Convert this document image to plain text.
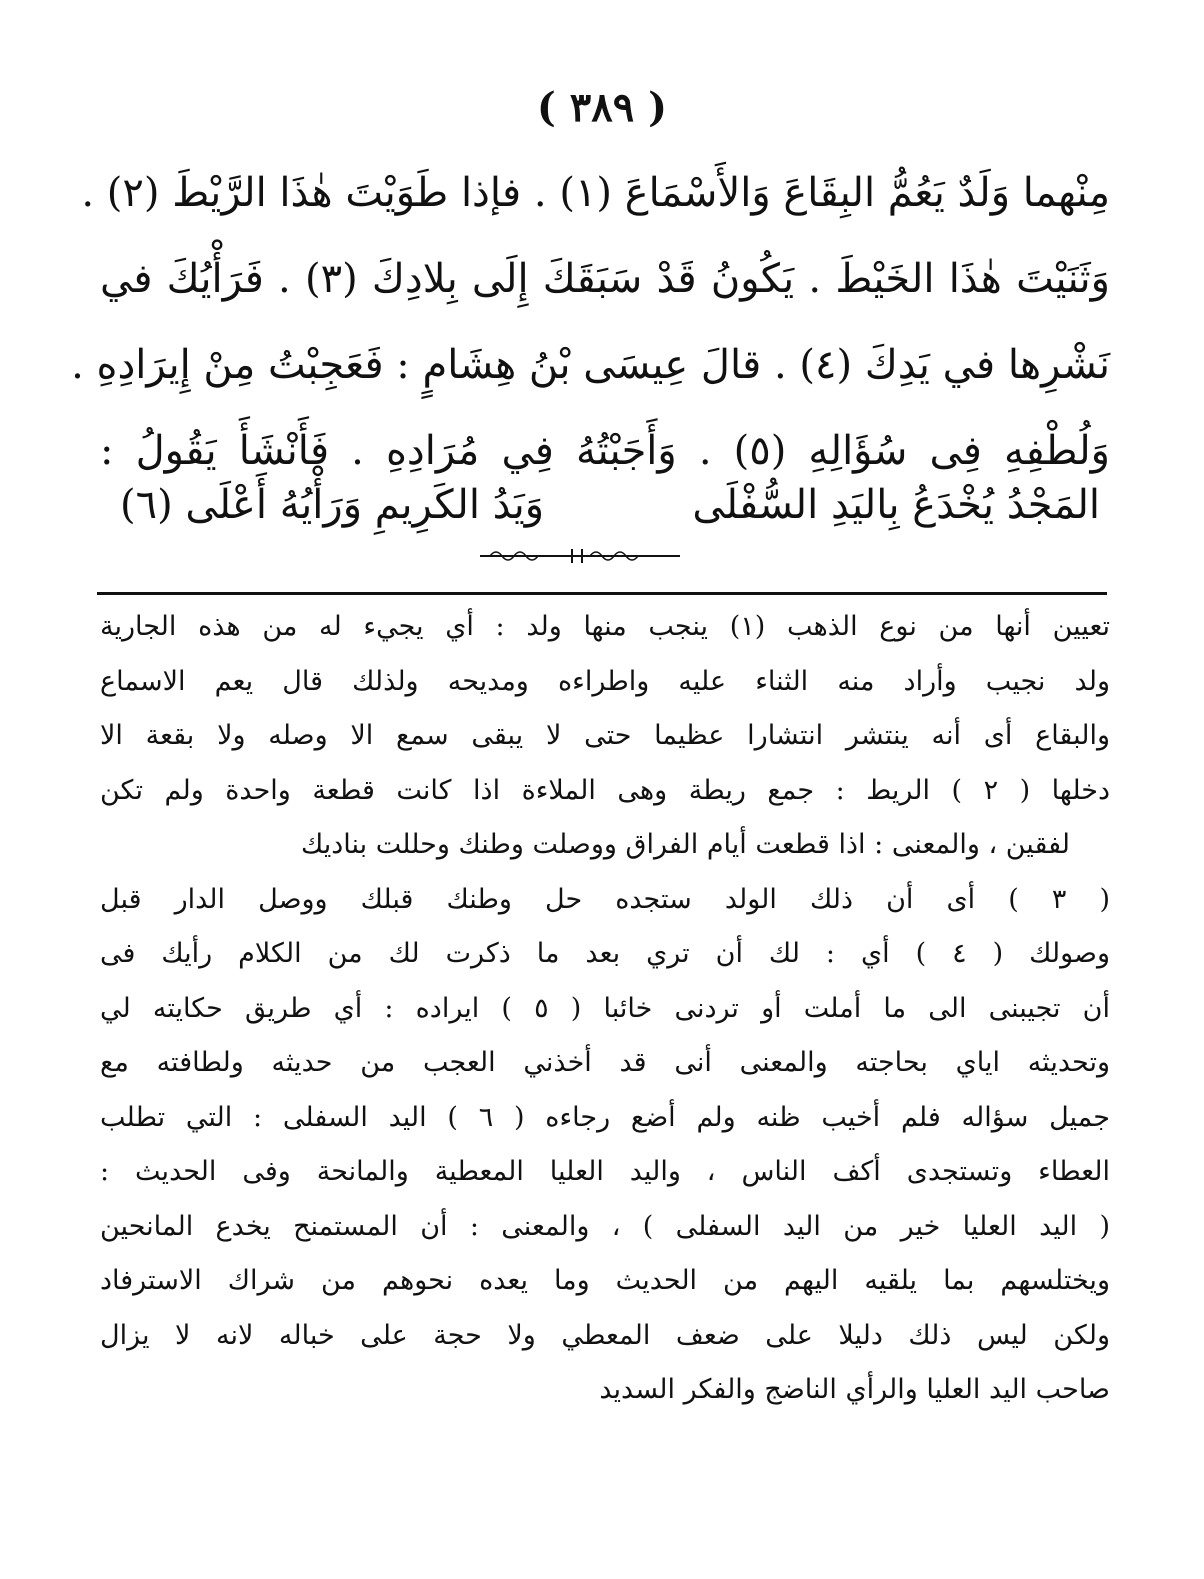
( ٣٨٩ )
مِنْهما وَلَدٌ يَعُمُّ البِقَاعَ وَالأَسْمَاعَ (١) . فإذا طَوَيْتَ هٰذَا الرَّيْطَ (٢) .
وَثَنَيْتَ هٰذَا الخَيْطَ . يَكُونُ قَدْ سَبَقَكَ إِلَى بِلادِكَ (٣) . فَرَأْيُكَ في
نَشْرِها في يَدِكَ (٤) . قالَ عِيسَى بْنُ هِشَامٍ : فَعَجِبْتُ مِنْ إِيرَادِهِ .
وَلُطْفِهِ فِى سُؤَالِهِ (٥) . وَأَجَبْتُهُ فِي مُرَادِهِ . فَأَنْشَأَ يَقُولُ :
المَجْدُ يُخْدَعُ بِاليَدِ السُّفْلَى
وَيَدُ الكَرِيمِ وَرَأْيُهُ أَعْلَى (٦)
تعيين أنها من نوع الذهب (١) ينجب منها ولد : أي يجيء له من هذه الجارية
ولد نجيب وأراد منه الثناء عليه واطراءه ومديحه ولذلك قال يعم الاسماع
والبقاع أى أنه ينتشر انتشارا عظيما حتى لا يبقى سمع الا وصله ولا بقعة الا
دخلها ( ٢ ) الريط : جمع ريطة وهى الملاءة اذا كانت قطعة واحدة ولم تكن
لفقين ، والمعنى : اذا قطعت أيام الفراق ووصلت وطنك وحللت بناديك
( ٣ ) أى أن ذلك الولد ستجده حل وطنك قبلك ووصل الدار قبل
وصولك ( ٤ ) أي : لك أن تري بعد ما ذكرت لك من الكلام رأيك فى
أن تجيبنى الى ما أملت أو تردنى خائبا ( ٥ ) ايراده : أي طريق حكايته لي
وتحديثه اياي بحاجته والمعنى أنى قد أخذني العجب من حديثه ولطافته مع
جميل سؤاله فلم أخيب ظنه ولم أضع رجاءه ( ٦ ) اليد السفلى : التي تطلب
العطاء وتستجدى أكف الناس ، واليد العليا المعطية والمانحة وفى الحديث :
( اليد العليا خير من اليد السفلى ) ، والمعنى : أن المستمنح يخدع المانحين
ويختلسهم بما يلقيه اليهم من الحديث وما يعده نحوهم من شراك الاسترفاد
ولكن ليس ذلك دليلا على ضعف المعطي ولا حجة على خباله لانه لا يزال
صاحب اليد العليا والرأي الناضج والفكر السديد
